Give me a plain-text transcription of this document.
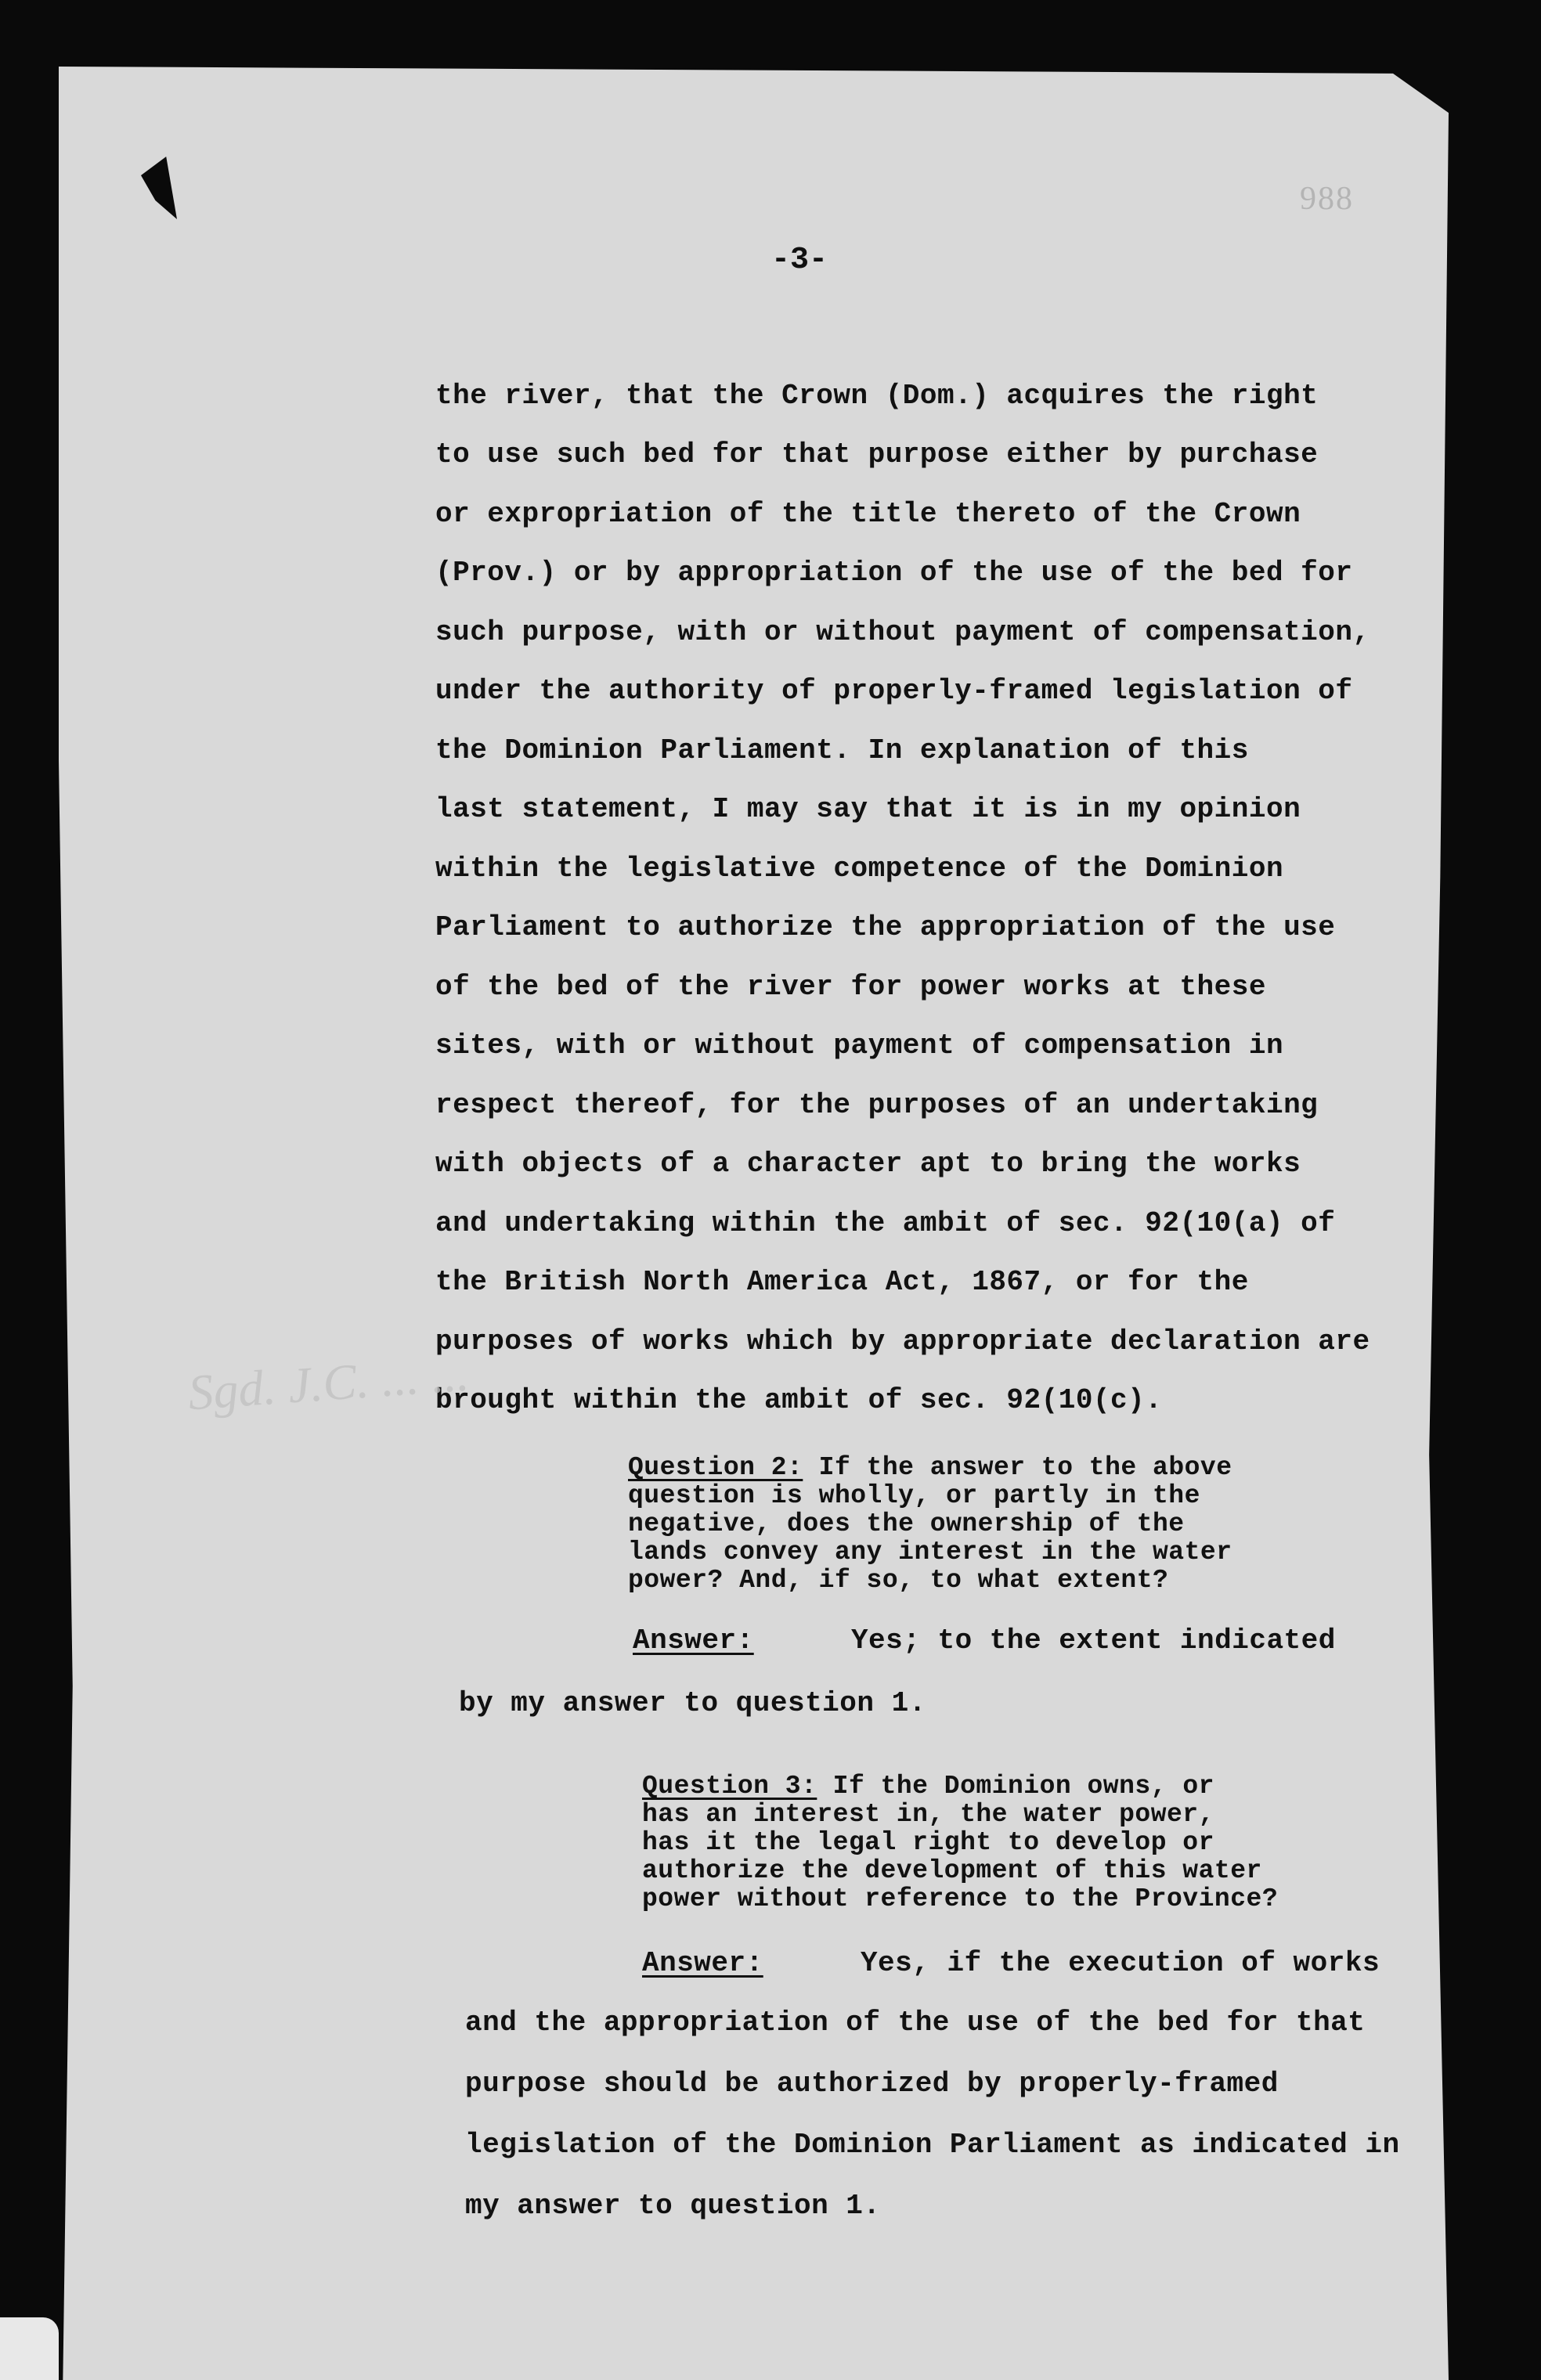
988
-3-
the river, that the Crown (Dom.) acquires the right
to use such bed for that purpose either by purchase
or expropriation of the title thereto of the Crown
(Prov.) or by appropriation of the use of the bed for
such purpose, with or without payment of compensation,
under the authority of properly-framed legislation of
the Dominion Parliament. In explanation of this
last statement, I may say that it is in my opinion
within the legislative competence of the Dominion
Parliament to authorize the appropriation of the use
of the bed of the river for power works at these
sites, with or without payment of compensation in
respect thereof, for the purposes of an undertaking
with objects of a character apt to bring the works
and undertaking within the ambit of sec. 92(10(a) of
the British North America Act, 1867, or for the
purposes of works which by appropriate declaration are
brought within the ambit of sec. 92(10(c).
Sgd. J.C. ... ...
Question 2: If the answer to the above
question is wholly, or partly in the
negative, does the ownership of the
lands convey any interest in the water
power? And, if so, to what extent?
Answer:	Yes; to the extent indicated
by my answer to question 1.
Question 3: If the Dominion owns, or
has an interest in, the water power,
has it the legal right to develop or
authorize the development of this water
power without reference to the Province?
Answer:	Yes, if the execution of works
and the appropriation of the use of the bed for that
purpose should be authorized by properly-framed
legislation of the Dominion Parliament as indicated in
my answer to question 1.
